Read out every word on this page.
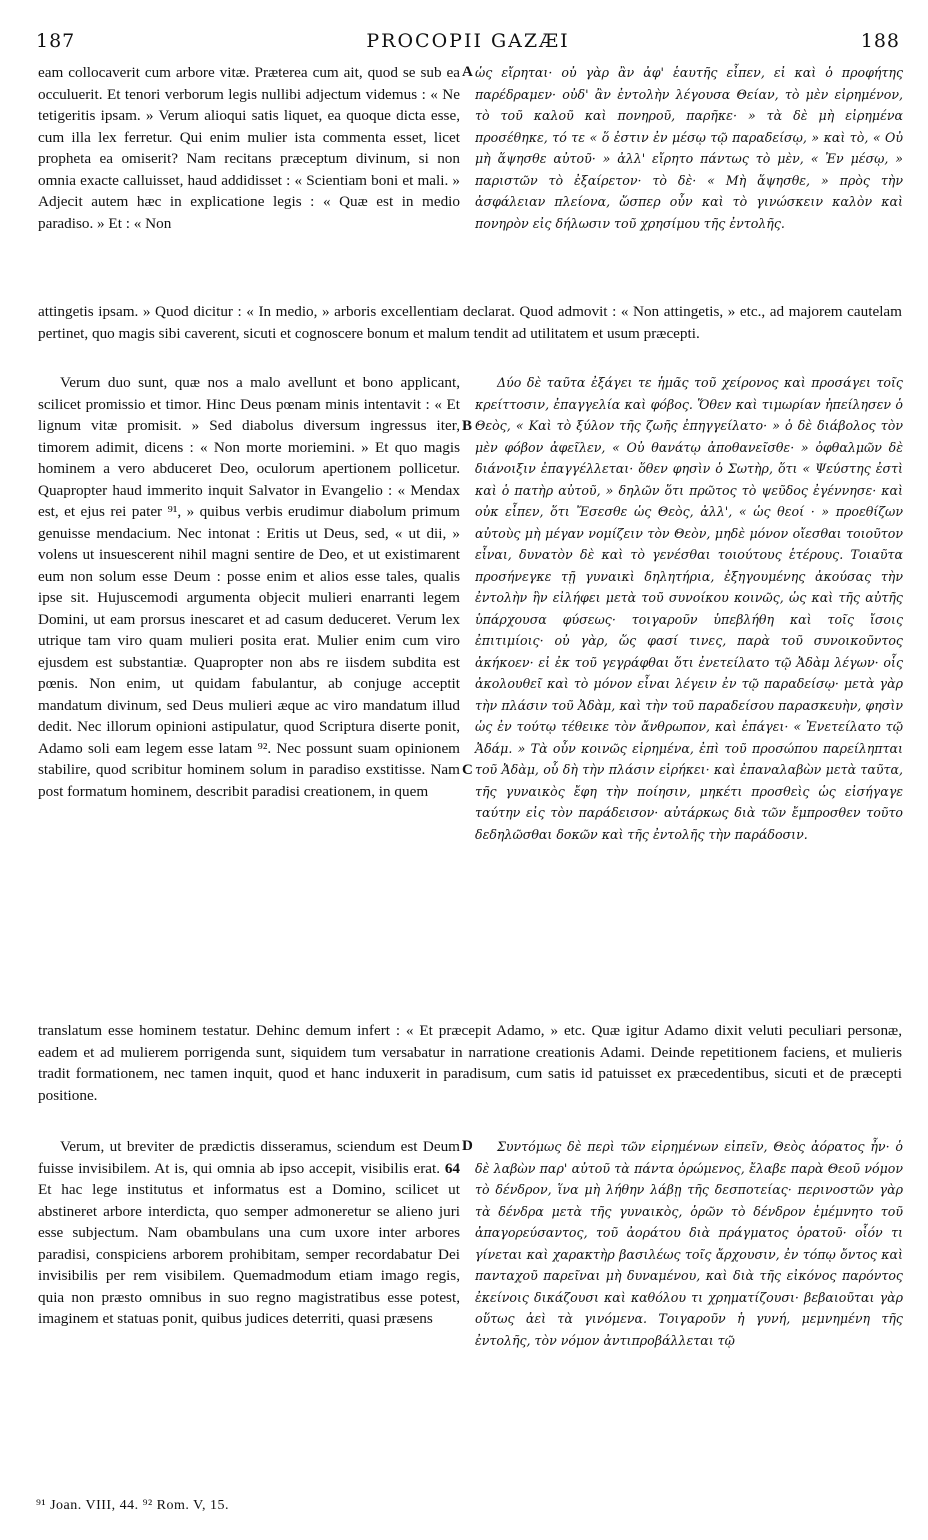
187	PROCOPII GAZÆI	188

eam collocaverit cum arbore vitæ. Præterea cum ait, quod se sub ea occuluerit. Et tenori verborum legis nullibi adjectum videmus : « Ne tetigeritis ipsam. » Verum alioqui satis liquet, ea quoque dicta esse, cum illa lex ferretur. Qui enim mulier ista commenta esset, licet propheta ea omiserit? Nam recitans præceptum divinum, si non omnia exacte calluisset, haud addidisset : « Scientiam boni et mali. » Adjecit autem hæc in explicatione legis : « Quæ est in medio paradiso. » Et : « Non

A ὡς εἴρηται· οὐ γὰρ ἂν ἀφ' ἑαυτῆς εἶπεν, εἰ καὶ ὁ προφήτης παρέδραμεν· οὐδ' ἂν ἐντολὴν λέγουσα Θείαν, τὸ μὲν εἰρημένον, τὸ τοῦ καλοῦ καὶ πονηροῦ, παρῆκε· » τὰ δὲ μὴ εἰρημένα προσέθηκε, τό τε « ὅ ἐστιν ἐν μέσῳ τῷ παραδείσῳ, » καὶ τὸ, « Οὐ μὴ ἅψησθε αὐτοῦ· » ἀλλ' εἴρητο πάντως τὸ μὲν, « Ἐν μέσῳ, » παριστῶν τὸ ἐξαίρετον· τὸ δὲ· « Μὴ ἅψησθε, » πρὸς τὴν ἀσφάλειαν πλείονα, ὥσπερ οὖν καὶ τὸ γινώσκειν καλὸν καὶ πονηρὸν εἰς δήλωσιν τοῦ χρησίμου τῆς ἐντολῆς.

attingetis ipsam. » Quod dicitur : « In medio, » arboris excellentiam declarat. Quod admovit : « Non attingetis, » etc., ad majorem cautelam pertinet, quo magis sibi caverent, sicuti et cognoscere bonum et malum tendit ad utilitatem et usum præcepti.

Verum duo sunt, quæ nos a malo avellunt et bono applicant, scilicet promissio et timor. Hinc Deus pœnam minis intentavit : « Et lignum vitæ promisit. » Sed diabolus diversum ingressus iter, timorem adimit, dicens : « Non morte moriemini. » Et quo magis hominem a vero abduceret Deo, oculorum apertionem pollicetur. Quapropter haud immerito inquit Salvator in Evangelio : « Mendax est, et ejus rei pater ⁹¹, » quibus verbis erudimur diabolum primum genuisse mendacium. Nec intonat : Eritis ut Deus, sed, « ut dii, » volens ut insuescerent nihil magni sentire de Deo, et ut existimarent eum non solum esse Deum : posse enim et alios esse tales, qualis ipse sit. Hujuscemodi argumenta objecit mulieri enarranti legem Domini, ut eam prorsus inescaret et ad casum deduceret. Verum lex utrique tam viro quam mulieri posita erat. Mulier enim cum viro ejusdem est substantiæ. Quapropter non abs re iisdem subdita est pœnis. Non enim, ut quidam fabulantur, ab conjuge acceptit mandatum divinum, sed Deus mulieri æque ac viro mandatum illud dedit. Nec illorum opinioni astipulatur, quod Scriptura diserte ponit, Adamo soli eam legem esse latam ⁹². Nec possunt suam opinionem stabilire, quod scribitur hominem solum in paradiso exstitisse. Nam post formatum hominem, describit paradisi creationem, in quem

B
C

Δύο δὲ ταῦτα ἐξάγει τε ἡμᾶς τοῦ χείρονος καὶ προσάγει τοῖς κρείττοσιν, ἐπαγγελία καὶ φόβος. Ὅθεν καὶ τιμωρίαν ἠπείλησεν ὁ Θεὸς, « Καὶ τὸ ξύλον τῆς ζωῆς ἐπηγγείλατο· » ὁ δὲ διάβολος τὸν μὲν φόβον ἀφεῖλεν, « Οὐ θανάτῳ ἀποθανεῖσθε· » ὀφθαλμῶν δὲ διάνοιξιν ἐπαγγέλλεται· ὅθεν φησὶν ὁ Σωτὴρ, ὅτι « Ψεύστης ἐστὶ καὶ ὁ πατὴρ αὐτοῦ, » δηλῶν ὅτι πρῶτος τὸ ψεῦδος ἐγέννησε· καὶ οὐκ εἶπεν, ὅτι Ἔσεσθε ὡς Θεὸς, ἀλλ', « ὡς θεοί · » προεθίζων αὐτοὺς μὴ μέγαν νομίζειν τὸν Θεὸν, μηδὲ μόνον οἴεσθαι τοιοῦτον εἶναι, δυνατὸν δὲ καὶ τὸ γενέσθαι τοιούτους ἑτέρους. Τοιαῦτα προσήνεγκε τῇ γυναικὶ δηλητήρια, ἐξηγουμένης ἀκούσας τὴν ἐντολὴν ἣν εἰλήφει μετὰ τοῦ συνοίκου κοινῶς, ὡς καὶ τῆς αὐτῆς ὑπάρχουσα φύσεως· τοιγαροῦν ὑπεβλήθη καὶ τοῖς ἴσοις ἐπιτιμίοις· οὐ γὰρ, ὥς φασί τινες, παρὰ τοῦ συνοικοῦντος ἀκήκοεν· εἰ ἐκ τοῦ γεγράφθαι ὅτι ἐνετείλατο τῷ Ἀδὰμ λέγων· οἷς ἀκολουθεῖ καὶ τὸ μόνον εἶναι λέγειν ἐν τῷ παραδείσῳ· μετὰ γὰρ τὴν πλάσιν τοῦ Ἀδὰμ, καὶ τὴν τοῦ παραδείσου παρασκευὴν, φησὶν ὡς ἐν τούτῳ τέθεικε τὸν ἄνθρωπον, καὶ ἐπάγει· « Ἐνετείλατο τῷ Ἀδάμ. » Τὰ οὖν κοινῶς εἰρημένα, ἐπὶ τοῦ προσώπου παρείληπται τοῦ Ἀδὰμ, οὗ δὴ τὴν πλάσιν εἰρήκει· καὶ ἐπαναλαβὼν μετὰ ταῦτα, τῆς γυναικὸς ἔφη τὴν ποίησιν, μηκέτι προσθεὶς ὡς εἰσήγαγε ταύτην εἰς τὸν παράδεισον· αὐτάρκως διὰ τῶν ἔμπροσθεν τοῦτο δεδηλῶσθαι δοκῶν καὶ τῆς ἐντολῆς τὴν παράδοσιν.

translatum esse hominem testatur. Dehinc demum infert : « Et præcepit Adamo, » etc. Quæ igitur Adamo dixit veluti peculiari personæ, eadem et ad mulierem porrigenda sunt, siquidem tum versabatur in narratione creationis Adami. Deinde repetitionem faciens, et mulieris tradit formationem, nec tamen inquit, quod et hanc induxerit in paradisum, cum satis id patuisset ex præcedentibus, sicuti et de præcepti positione.

Verum, ut breviter de prædictis disseramus, sciendum est Deum fuisse invisibilem. At is, qui omnia ab ipso accepit, visibilis erat. 64 Et hac lege institutus et informatus est a Domino, scilicet ut abstineret arbore interdicta, quo semper admoneretur se alieno juri esse subjectum. Nam obambulans una cum uxore inter arbores paradisi, conspiciens arborem prohibitam, semper recordabatur Dei invisibilis per rem visibilem. Quemadmodum etiam imago regis, quia non præsto omnibus in suo regno magistratibus esse potest, imaginem et statuas ponit, quibus judices deterriti, quasi præsens

D	Συντόμως δὲ περὶ τῶν εἰρημένων εἰπεῖν, Θεὸς ἀόρατος ἦν· ὁ δὲ λαβὼν παρ' αὐτοῦ τὰ πάντα ὁρώμενος, ἔλαβε παρὰ Θεοῦ νόμον τὸ δένδρον, ἵνα μὴ λήθην λάβῃ τῆς δεσποτείας· περινοστῶν γὰρ τὰ δένδρα μετὰ τῆς γυναικὸς, ὁρῶν τὸ δένδρον ἐμέμνητο τοῦ ἀπαγορεύσαντος, τοῦ ἀοράτου διὰ πράγματος ὁρατοῦ· οἷόν τι γίνεται καὶ χαρακτὴρ βασιλέως τοῖς ἄρχουσιν, ἐν τόπῳ ὄντος καὶ πανταχοῦ παρεῖναι μὴ δυναμένου, καὶ διὰ τῆς εἰκόνος παρόντος ἐκείνοις δικάζουσι καὶ καθόλου τι χρηματίζουσι· βεβαιοῦται γὰρ οὕτως ἀεὶ τὰ γινόμενα. Τοιγαροῦν ἡ γυνή, μεμνημένη τῆς ἐντολῆς, τὸν νόμον ἀντιπροβάλλεται τῷ

⁹¹ Joan. VIII, 44. ⁹² Rom. V, 15.
